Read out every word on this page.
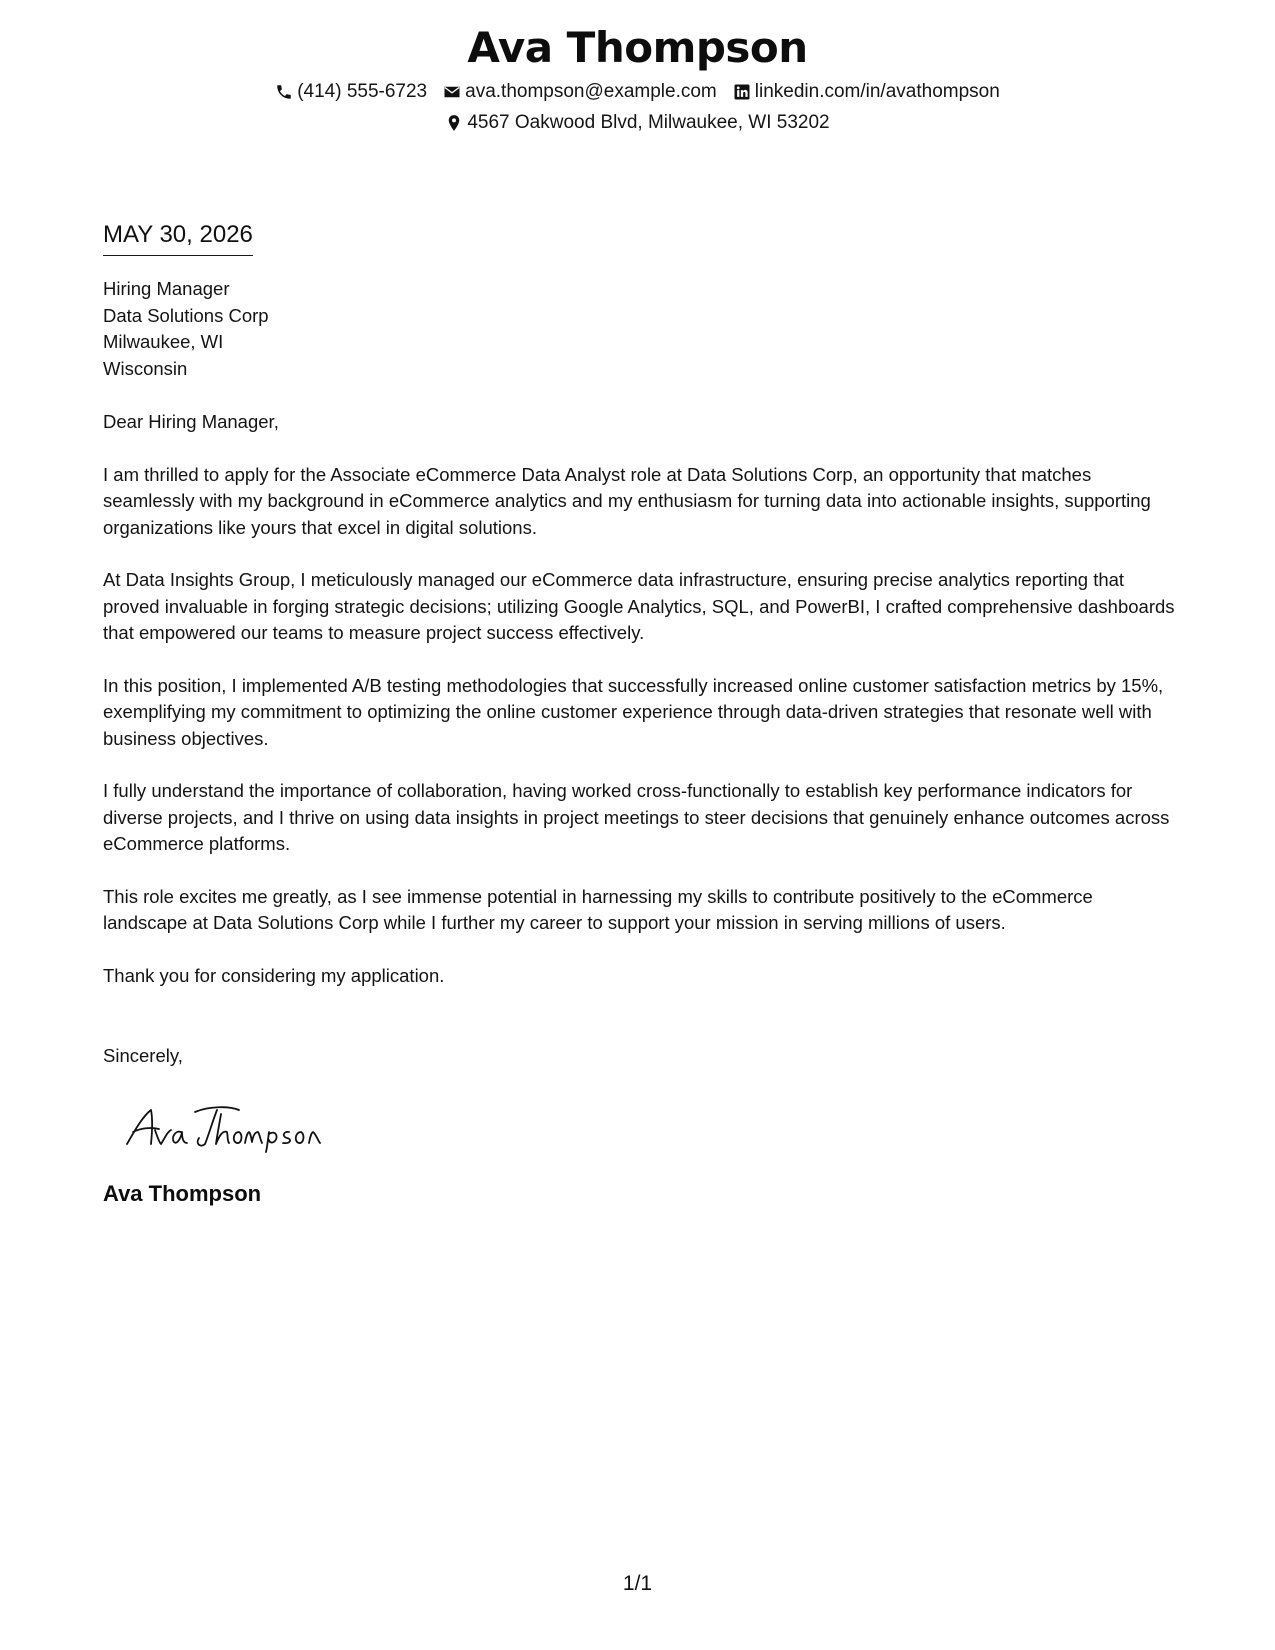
Ava Thompson
(414) 555-6723 ava.thompson@example.com linkedin.com/in/avathompson
4567 Oakwood Blvd, Milwaukee, WI 53202
MAY 30, 2026
Hiring Manager
Data Solutions Corp
Milwaukee, WI
Wisconsin
Dear Hiring Manager,
I am thrilled to apply for the Associate eCommerce Data Analyst role at Data Solutions Corp, an opportunity that matches seamlessly with my background in eCommerce analytics and my enthusiasm for turning data into actionable insights, supporting organizations like yours that excel in digital solutions.
At Data Insights Group, I meticulously managed our eCommerce data infrastructure, ensuring precise analytics reporting that proved invaluable in forging strategic decisions; utilizing Google Analytics, SQL, and PowerBI, I crafted comprehensive dashboards that empowered our teams to measure project success effectively.
In this position, I implemented A/B testing methodologies that successfully increased online customer satisfaction metrics by 15%, exemplifying my commitment to optimizing the online customer experience through data-driven strategies that resonate well with business objectives.
I fully understand the importance of collaboration, having worked cross-functionally to establish key performance indicators for diverse projects, and I thrive on using data insights in project meetings to steer decisions that genuinely enhance outcomes across eCommerce platforms.
This role excites me greatly, as I see immense potential in harnessing my skills to contribute positively to the eCommerce landscape at Data Solutions Corp while I further my career to support your mission in serving millions of users.
Thank you for considering my application.
Sincerely,
Ava Thompson
1/1
